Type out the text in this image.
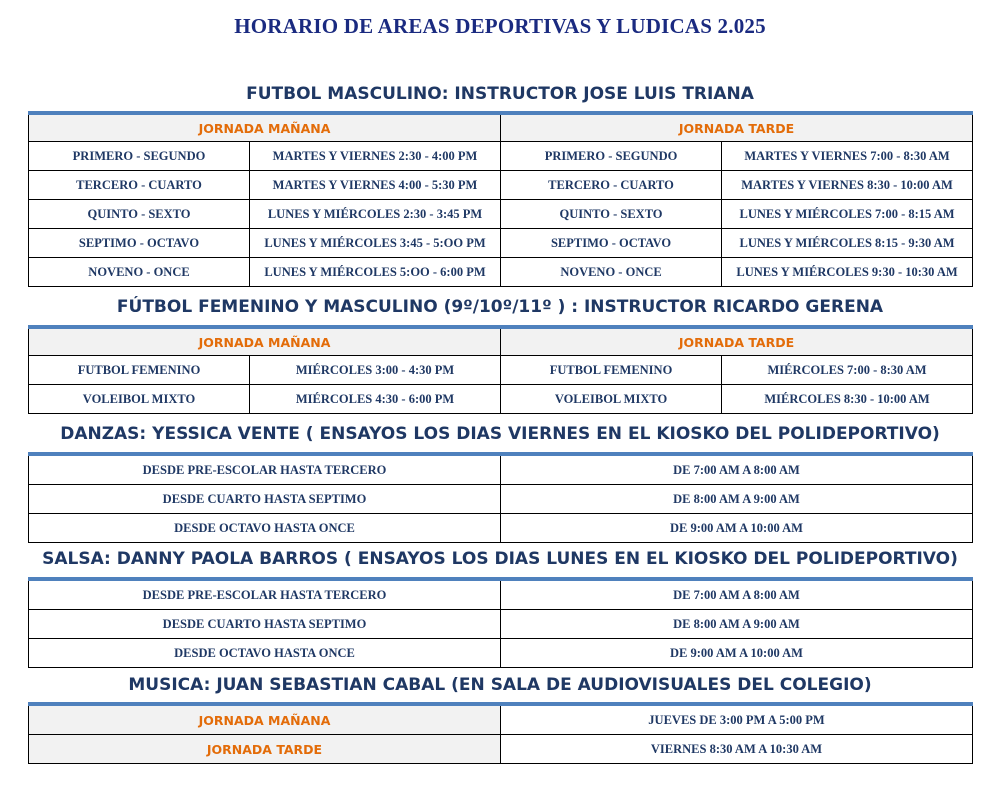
HORARIO DE AREAS DEPORTIVAS Y LUDICAS 2.025
FUTBOL MASCULINO: INSTRUCTOR JOSE LUIS TRIANA
JORNADA MAÑANA		JORNADA TARDE	
PRIMERO - SEGUNDO	MARTES Y VIERNES 2:30 - 4:00 PM	PRIMERO - SEGUNDO	MARTES Y VIERNES 7:00 - 8:30 AM
TERCERO - CUARTO	MARTES Y VIERNES 4:00 - 5:30 PM	TERCERO - CUARTO	MARTES Y VIERNES 8:30 - 10:00 AM
QUINTO - SEXTO	LUNES Y MIÉRCOLES 2:30 - 3:45 PM	QUINTO - SEXTO	LUNES Y MIÉRCOLES 7:00 - 8:15 AM
SEPTIMO - OCTAVO	LUNES Y MIÉRCOLES 3:45 - 5:OO PM	SEPTIMO - OCTAVO	LUNES Y MIÉRCOLES 8:15 - 9:30 AM
NOVENO - ONCE	LUNES Y MIÉRCOLES 5:OO - 6:00 PM	NOVENO - ONCE	LUNES Y MIÉRCOLES 9:30 - 10:30 AM
FÚTBOL FEMENINO Y MASCULINO (9º/10º/11º ) : INSTRUCTOR RICARDO GERENA
JORNADA MAÑANA		JORNADA TARDE	
FUTBOL FEMENINO	MIÉRCOLES 3:00 - 4:30 PM	FUTBOL FEMENINO	MIÉRCOLES 7:00 - 8:30 AM
VOLEIBOL MIXTO	MIÉRCOLES 4:30 - 6:00 PM	VOLEIBOL MIXTO	MIÉRCOLES 8:30 - 10:00 AM
DANZAS: YESSICA VENTE ( ENSAYOS LOS DIAS VIERNES EN EL KIOSKO DEL POLIDEPORTIVO)
DESDE PRE-ESCOLAR HASTA TERCERO	DE 7:00 AM A 8:00 AM
DESDE CUARTO HASTA SEPTIMO	DE 8:00 AM A 9:00 AM
DESDE OCTAVO HASTA ONCE	DE 9:00 AM A 10:00 AM
SALSA: DANNY PAOLA BARROS ( ENSAYOS LOS DIAS LUNES EN EL KIOSKO DEL POLIDEPORTIVO)
DESDE PRE-ESCOLAR HASTA TERCERO	DE 7:00 AM A 8:00 AM
DESDE CUARTO HASTA SEPTIMO	DE 8:00 AM A 9:00 AM
DESDE OCTAVO HASTA ONCE	DE 9:00 AM A 10:00 AM
MUSICA: JUAN SEBASTIAN CABAL (EN SALA DE AUDIOVISUALES DEL COLEGIO)
JORNADA MAÑANA	JUEVES DE 3:00 PM A 5:00 PM
JORNADA TARDE	VIERNES 8:30 AM A 10:30 AM
